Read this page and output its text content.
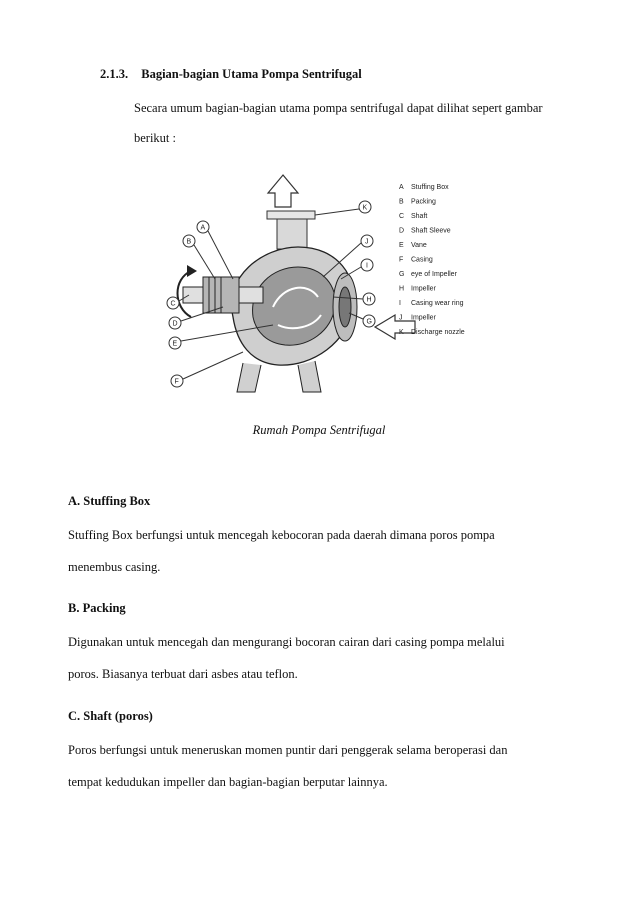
2.1.3. Bagian-bagian Utama Pompa Sentrifugal
Secara umum bagian-bagian utama pompa sentrifugal dapat dilihat sepert gambar
berikut :
A
B
C
D
E
F
K
J
I
H
G
A Stuffing Box
B Packing
C Shaft
D Shaft Sleeve
E Vane
F Casing
G eye of Impeller
H Impeller
I Casing wear ring
J Impeller
K Discharge nozzle
Rumah Pompa Sentrifugal
A. Stuffing Box

Stuffing Box berfungsi untuk mencegah kebocoran pada daerah dimana poros pompa

menembus casing.

B. Packing

Digunakan untuk mencegah dan mengurangi bocoran cairan dari casing pompa melalui

poros. Biasanya terbuat dari asbes atau teflon.

C. Shaft (poros)

Poros berfungsi untuk meneruskan momen puntir dari penggerak selama beroperasi dan

tempat kedudukan impeller dan bagian-bagian berputar lainnya.
